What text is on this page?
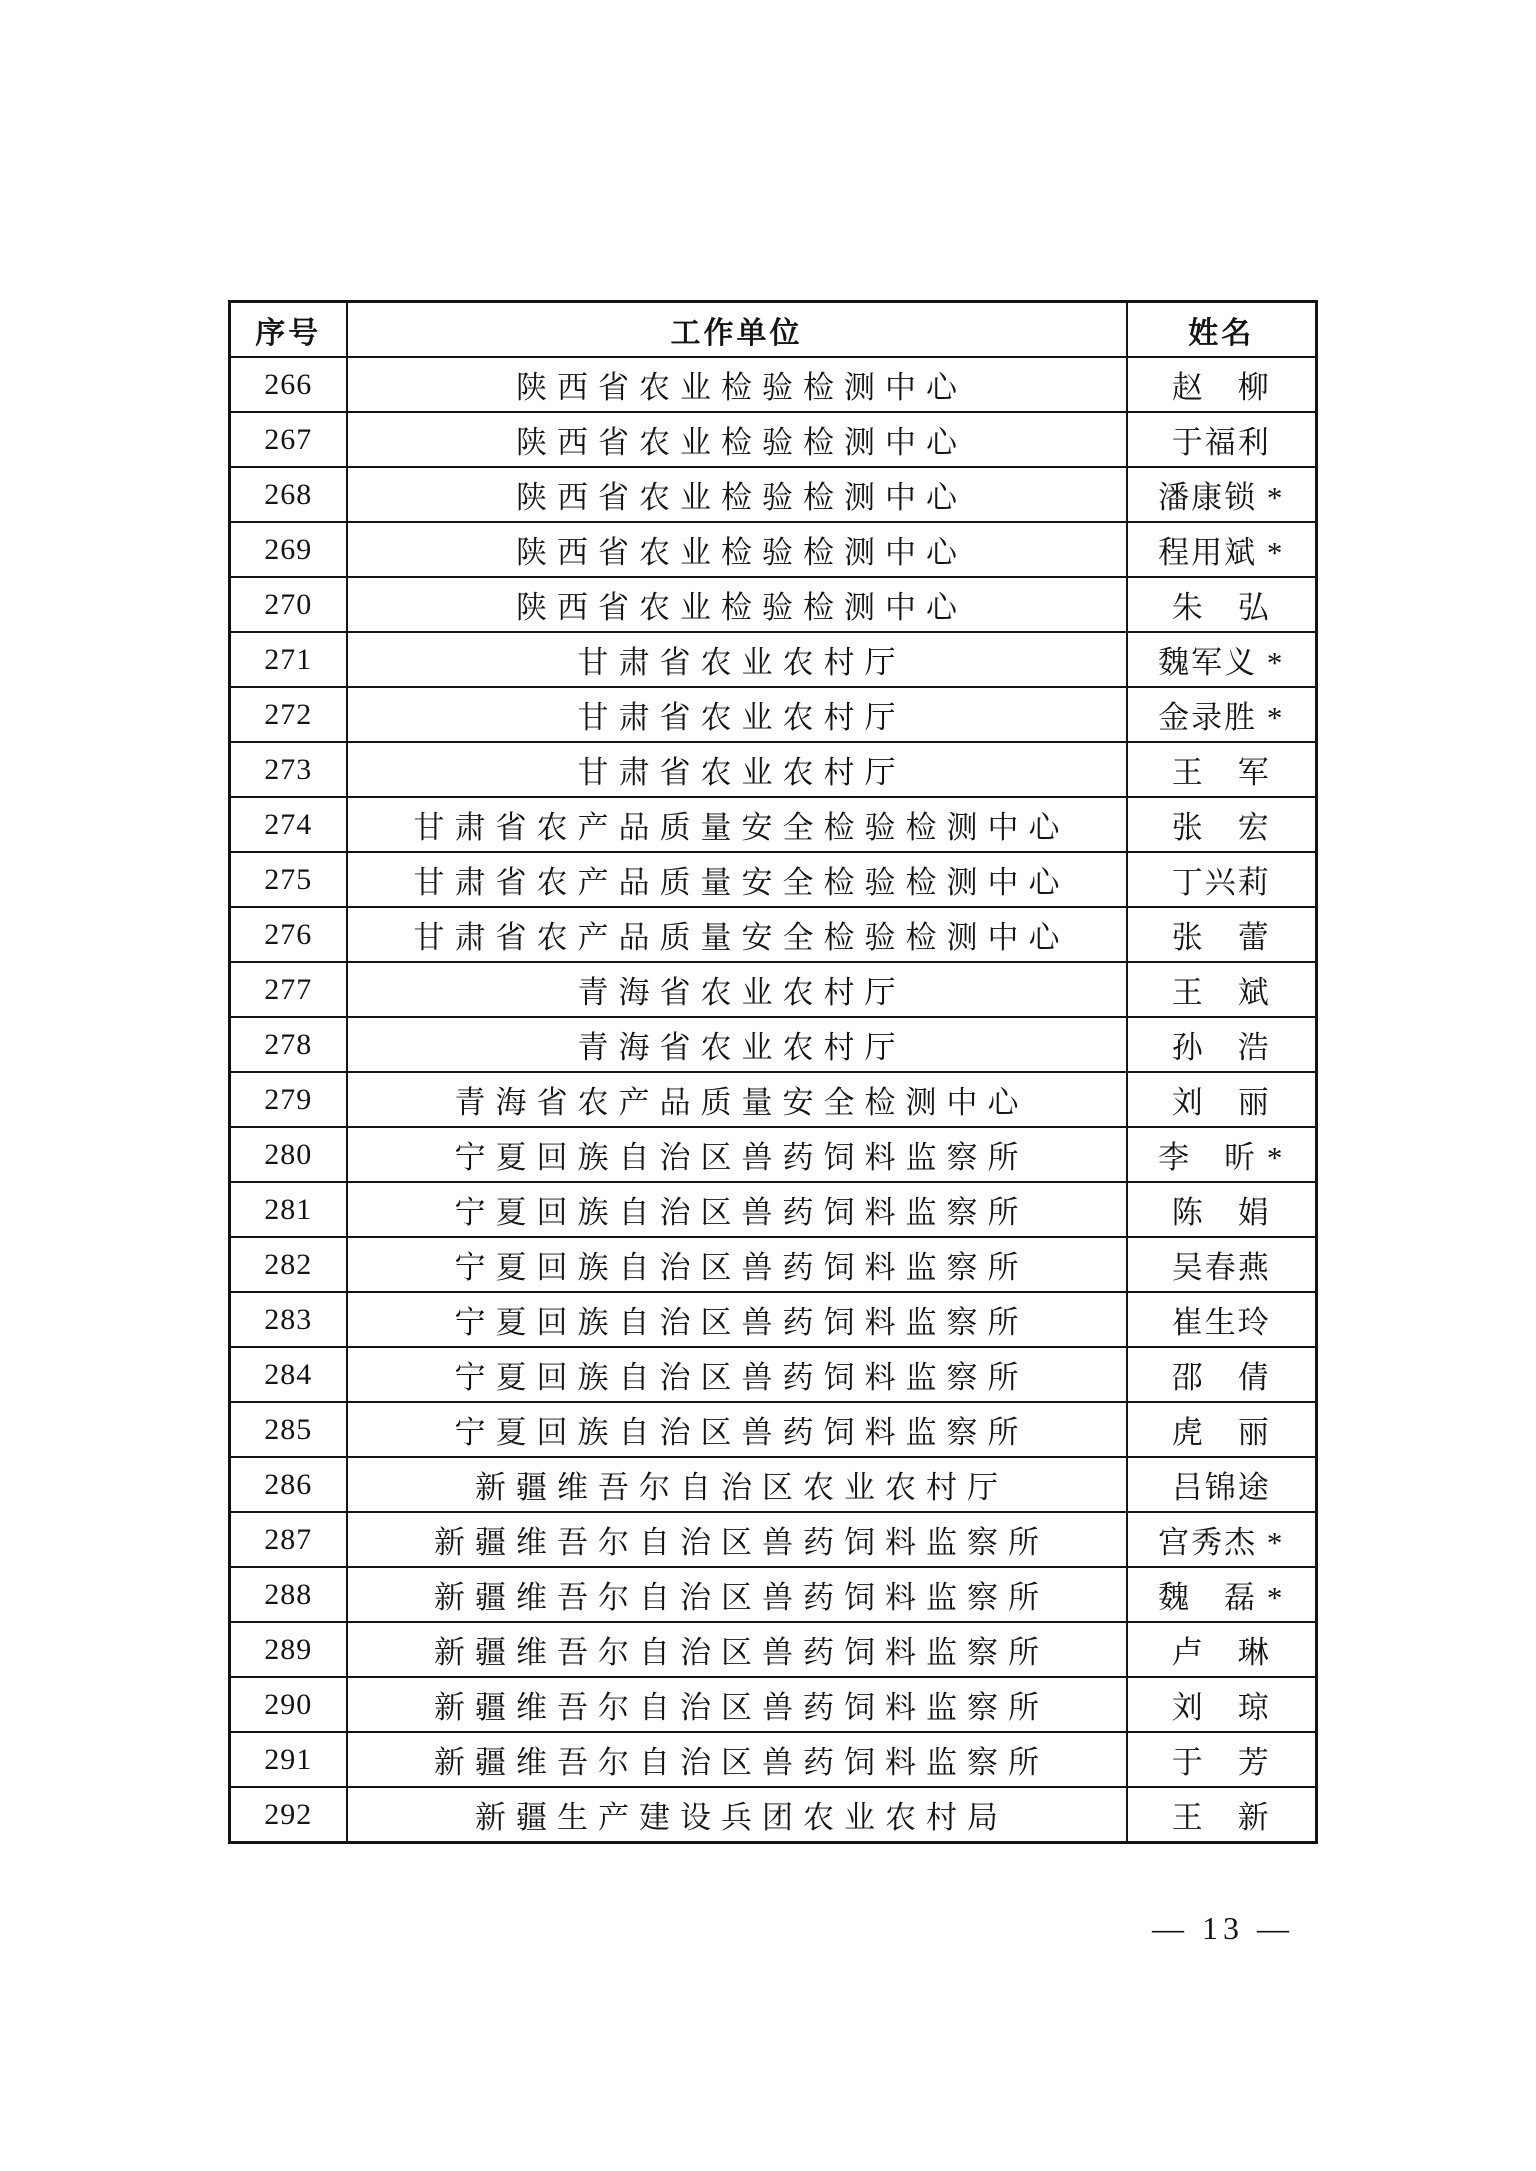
序号	工作单位	姓名
266	陕西省农业检验检测中心	赵　柳
267	陕西省农业检验检测中心	于福利
268	陕西省农业检验检测中心	潘康锁 *
269	陕西省农业检验检测中心	程用斌 *
270	陕西省农业检验检测中心	朱　弘
271	甘肃省农业农村厅	魏军义 *
272	甘肃省农业农村厅	金录胜 *
273	甘肃省农业农村厅	王　军
274	甘肃省农产品质量安全检验检测中心	张　宏
275	甘肃省农产品质量安全检验检测中心	丁兴莉
276	甘肃省农产品质量安全检验检测中心	张　蕾
277	青海省农业农村厅	王　斌
278	青海省农业农村厅	孙　浩
279	青海省农产品质量安全检测中心	刘　丽
280	宁夏回族自治区兽药饲料监察所	李　昕 *
281	宁夏回族自治区兽药饲料监察所	陈　娟
282	宁夏回族自治区兽药饲料监察所	吴春燕
283	宁夏回族自治区兽药饲料监察所	崔生玲
284	宁夏回族自治区兽药饲料监察所	邵　倩
285	宁夏回族自治区兽药饲料监察所	虎　丽
286	新疆维吾尔自治区农业农村厅	吕锦途
287	新疆维吾尔自治区兽药饲料监察所	宫秀杰 *
288	新疆维吾尔自治区兽药饲料监察所	魏　磊 *
289	新疆维吾尔自治区兽药饲料监察所	卢　琳
290	新疆维吾尔自治区兽药饲料监察所	刘　琼
291	新疆维吾尔自治区兽药饲料监察所	于　芳
292	新疆生产建设兵团农业农村局	王　新
— 13 —
